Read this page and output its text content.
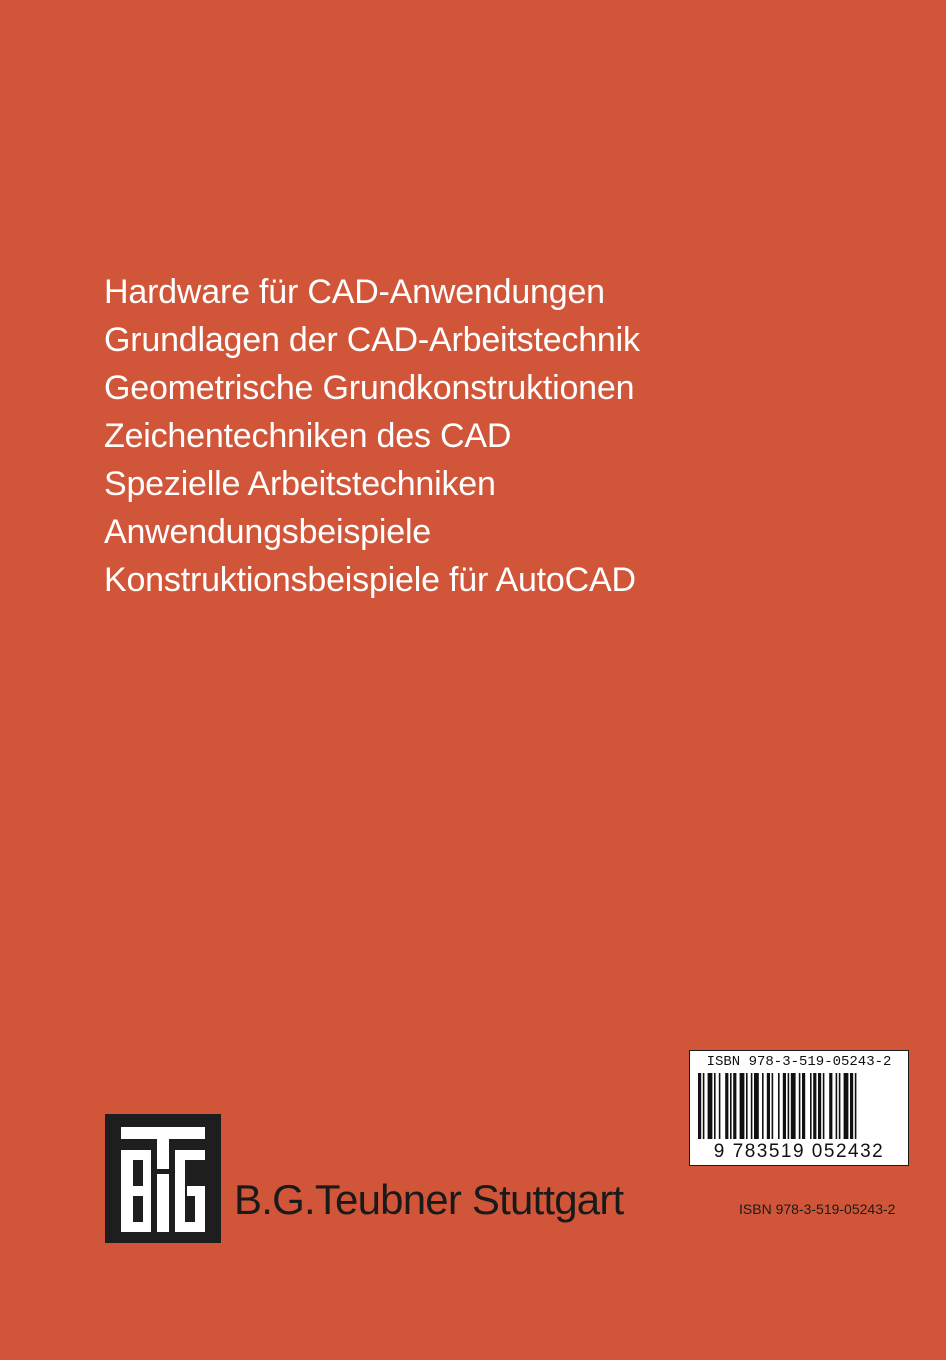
Hardware für CAD-Anwendungen
Grundlagen der CAD-Arbeitstechnik
Geometrische Grundkonstruktionen
Zeichentechniken des CAD
Spezielle Arbeitstechniken
Anwendungsbeispiele
Konstruktionsbeispiele für AutoCAD
B.G.Teubner Stuttgart
ISBN 978-3-519-05243-2
9 783519 052432
ISBN 978-3-519-05243-2
